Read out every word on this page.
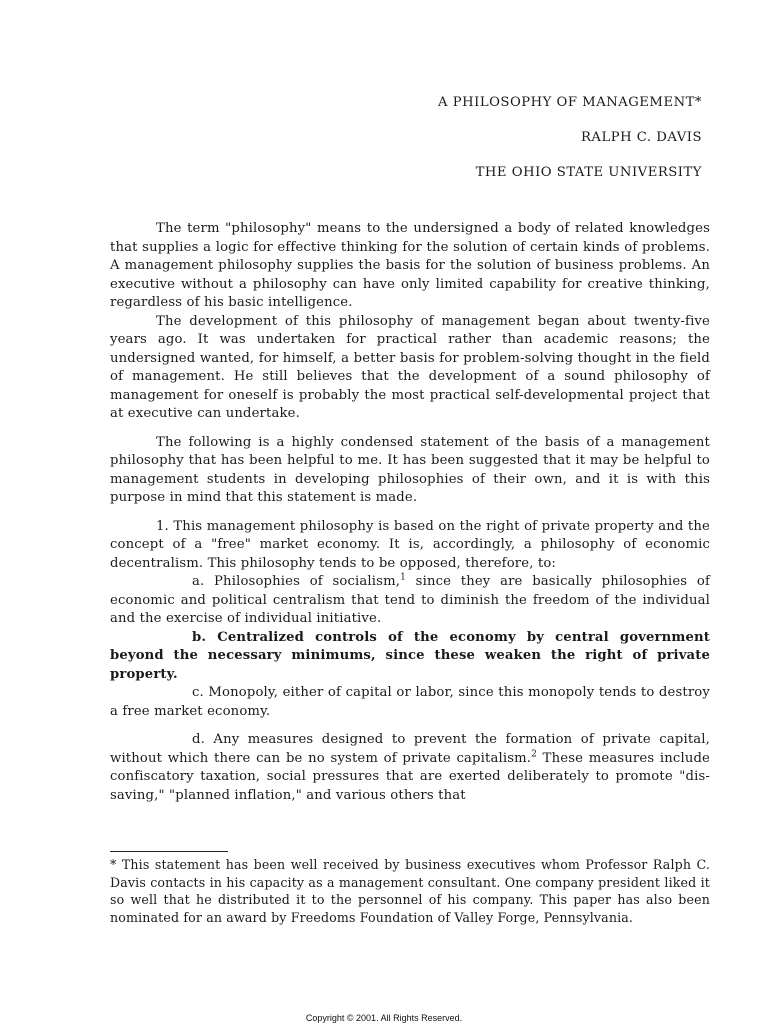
A PHILOSOPHY OF MANAGEMENT*
RALPH C. DAVIS
THE OHIO STATE UNIVERSITY

The term "philosophy" means to the undersigned a body of related knowledges that supplies a logic for effective thinking for the solution of certain kinds of problems. A management philosophy supplies the basis for the solution of business problems. An executive without a philosophy can have only limited capability for creative thinking, regardless of his basic intelligence.

The development of this philosophy of management began about twenty-five years ago. It was undertaken for practical rather than academic reasons; the undersigned wanted, for himself, a better basis for problem-solving thought in the field of management. He still believes that the development of a sound philosophy of management for oneself is probably the most practical self-developmental project that at executive can undertake.

The following is a highly condensed statement of the basis of a management philosophy that has been helpful to me. It has been suggested that it may be helpful to management students in developing philosophies of their own, and it is with this purpose in mind that this statement is made.

1. This management philosophy is based on the right of private property and the concept of a "free" market economy. It is, accordingly, a philosophy of economic decentralism. This philosophy tends to be opposed, therefore, to:

a. Philosophies of socialism,$^1$ since they are basically philosophies of economic and political centralism that tend to diminish the freedom of the individual and the exercise of individual initiative.

b. Centralized controls of the economy by central government beyond the necessary minimums, since these weaken the right of private property.

c. Monopoly, either of capital or labor, since this monopoly tends to destroy a free market economy.

d. Any measures designed to prevent the formation of private capital, without which there can be no system of private capitalism.$^2$ These measures include confiscatory taxation, social pressures that are exerted deliberately to promote "dis-saving," "planned inflation," and various others that

* This statement has been well received by business executives whom Professor Ralph C. Davis contacts in his capacity as a management consultant. One company president liked it so well that he distributed it to the personnel of his company. This paper has also been nominated for an award by Freedoms Foundation of Valley Forge, Pennsylvania.

Copyright © 2001. All Rights Reserved.
